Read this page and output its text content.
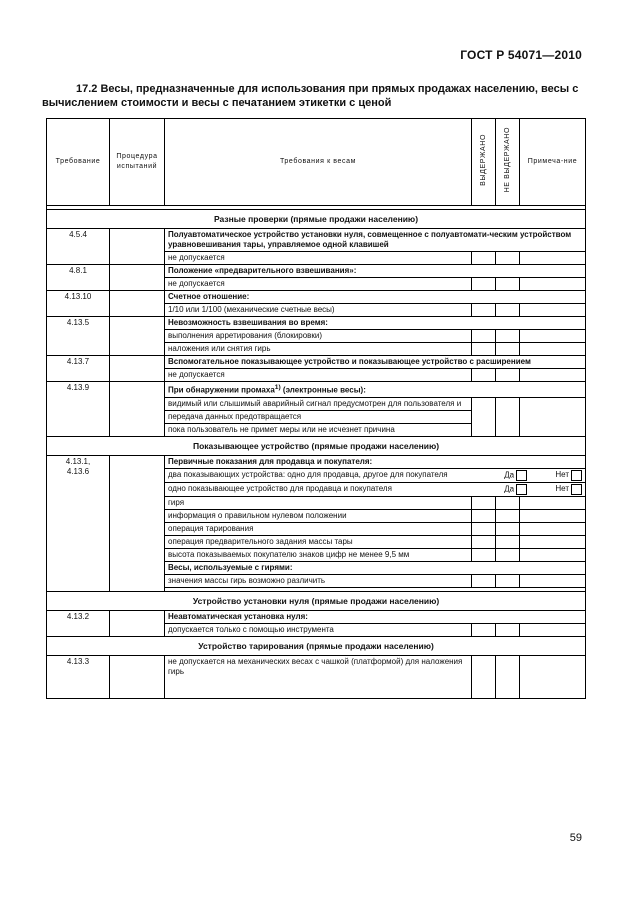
ГОСТ Р 54071—2010
17.2 Весы, предназначенные для использования при прямых продажах населению, весы с вычислением стоимости и весы с печатанием этикетки с ценой
Требование	Процедура испытаний	Требования к весам	ВЫДЕРЖАНО	НЕ ВЫДЕРЖАНО	Примеча-ние

Разные проверки (прямые продажи населению)					
4.5.4		Полуавтоматическое устройство установки нуля, совмещенное с полуавтомати-ческим устройством уравновешивания тары, управляемое одной клавишей			
		не допускается			
4.8.1		Положение «предварительного взвешивания»:			
		не допускается			
4.13.10		Счетное отношение:			
		1/10 или 1/100 (механические счетные весы)			
4.13.5		Невозможность взвешивания во время:			
		выполнения арретирования (блокировки)			
		наложения или снятия гирь			
4.13.7		Вспомогательное показывающее устройство и показывающее устройство с расширением			
		не допускается			
4.13.9		При обнаружении промаха$^{1)}$ (электронные весы):			
		видимый или слышимый аварийный сигнал предусмотрен для пользователя и			
		передача данных предотвращается			
		пока пользователь не примет меры или не исчезнет причина			
Показывающее устройство (прямые продажи населению)					
4.13.1,
4.13.6		Первичные показания для продавца и покупателя:			

		два показывающих устройства: одно для продавца, другое для покупателя Да Нет			

		одно показывающее устройство для продавца и покупателя Да Нет			

		гиря			
		информация о правильном нулевом положении			
		операция тарирования			
		операция предварительного задания массы тары			
		высота показываемых покупателю знаков цифр не менее 9,5 мм			
		Весы, используемые с гирями:			
		значения массы гирь возможно различить			

Устройство установки нуля (прямые продажи населению)					
4.13.2		Неавтоматическая установка нуля:			
		допускается только с помощью инструмента			
Устройство тарирования (прямые продажи населению)					
4.13.3		не допускается на механических весах с чашкой (платформой) для наложения гирь			
59
